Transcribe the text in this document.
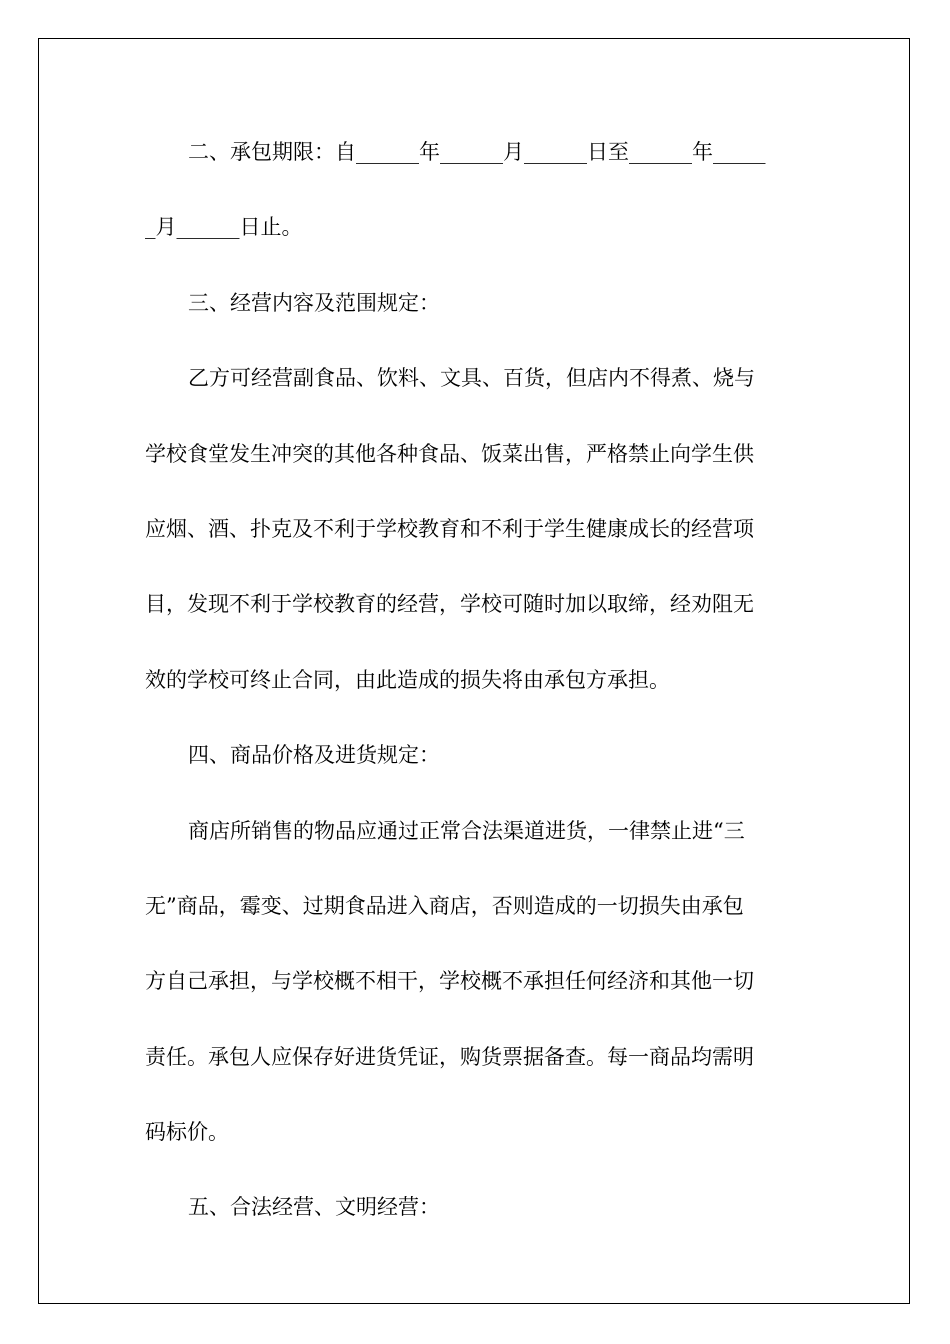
二、承包期限：自______年______月______日至______年_____
_月______日止。
三、经营内容及范围规定：
乙方可经营副食品、饮料、文具、百货，但店内不得煮、烧与
学校食堂发生冲突的其他各种食品、饭菜出售，严格禁止向学生供
应烟、酒、扑克及不利于学校教育和不利于学生健康成长的经营项
目，发现不利于学校教育的经营，学校可随时加以取缔，经劝阻无
效的学校可终止合同，由此造成的损失将由承包方承担。
四、商品价格及进货规定：
商店所销售的物品应通过正常合法渠道进货，一律禁止进“三
无”商品，霉变、过期食品进入商店，否则造成的一切损失由承包
方自己承担，与学校概不相干，学校概不承担任何经济和其他一切
责任。承包人应保存好进货凭证，购货票据备查。每一商品均需明
码标价。
五、合法经营、文明经营：
